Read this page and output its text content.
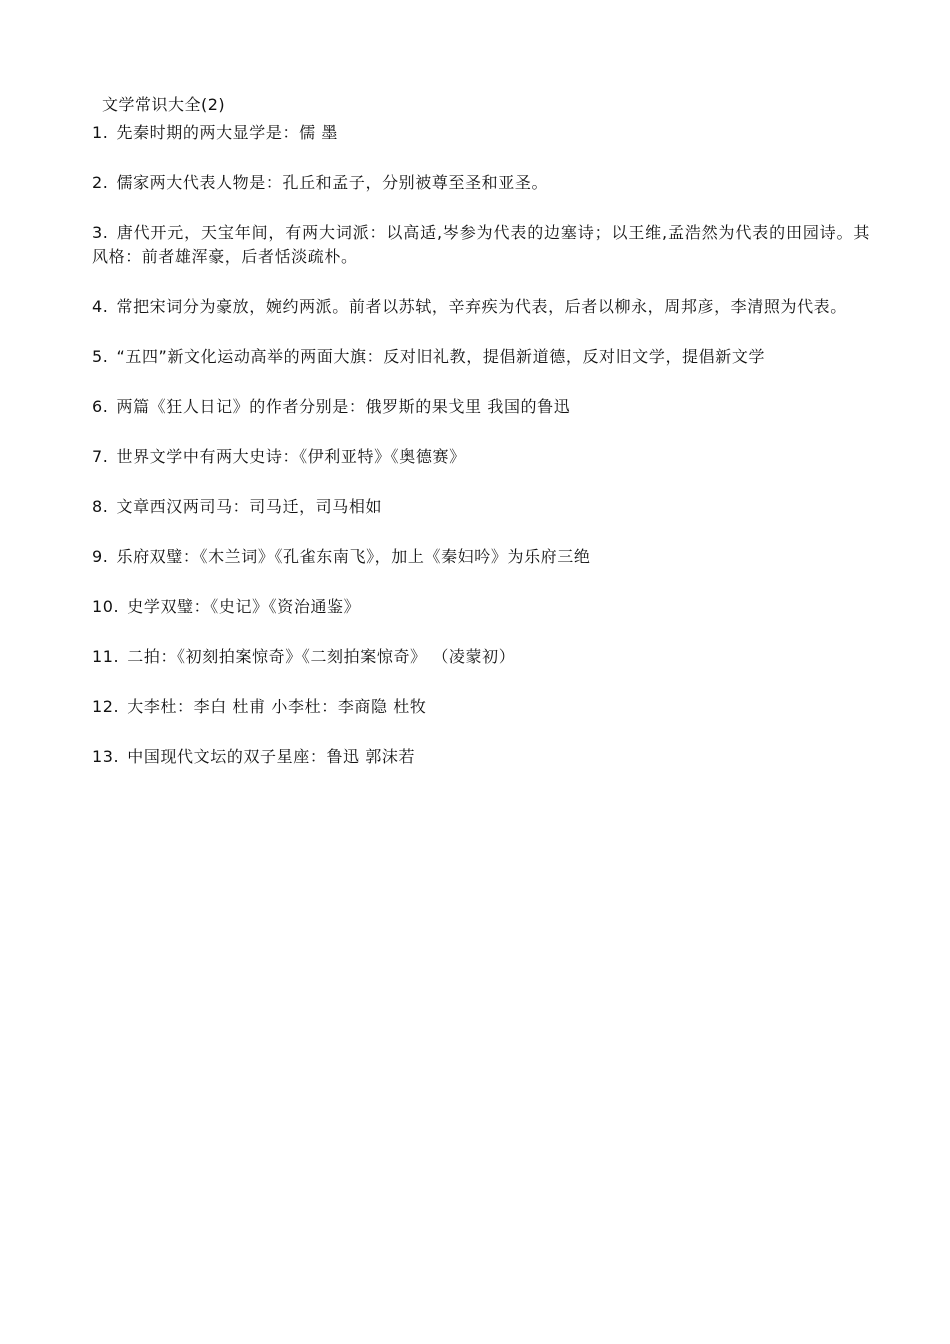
文学常识大全(2)
1. 先秦时期的两大显学是：儒 墨
2. 儒家两大代表人物是：孔丘和孟子，分别被尊至圣和亚圣。
3. 唐代开元，天宝年间，有两大词派：以高适,岑参为代表的边塞诗；以王维,孟浩然为代表的田园诗。其风格：前者雄浑豪，后者恬淡疏朴。
4. 常把宋词分为豪放，婉约两派。前者以苏轼，辛弃疾为代表，后者以柳永，周邦彦，李清照为代表。
5. “五四”新文化运动高举的两面大旗：反对旧礼教，提倡新道德，反对旧文学，提倡新文学
6. 两篇《狂人日记》的作者分别是：俄罗斯的果戈里 我国的鲁迅
7. 世界文学中有两大史诗：《伊利亚特》《奥德赛》
8. 文章西汉两司马：司马迁，司马相如
9. 乐府双璧：《木兰词》《孔雀东南飞》，加上《秦妇吟》为乐府三绝
10. 史学双璧：《史记》《资治通鉴》
11. 二拍：《初刻拍案惊奇》《二刻拍案惊奇》 （凌蒙初）
12. 大李杜：李白 杜甫 小李杜：李商隐 杜牧
13. 中国现代文坛的双子星座：鲁迅 郭沫若
